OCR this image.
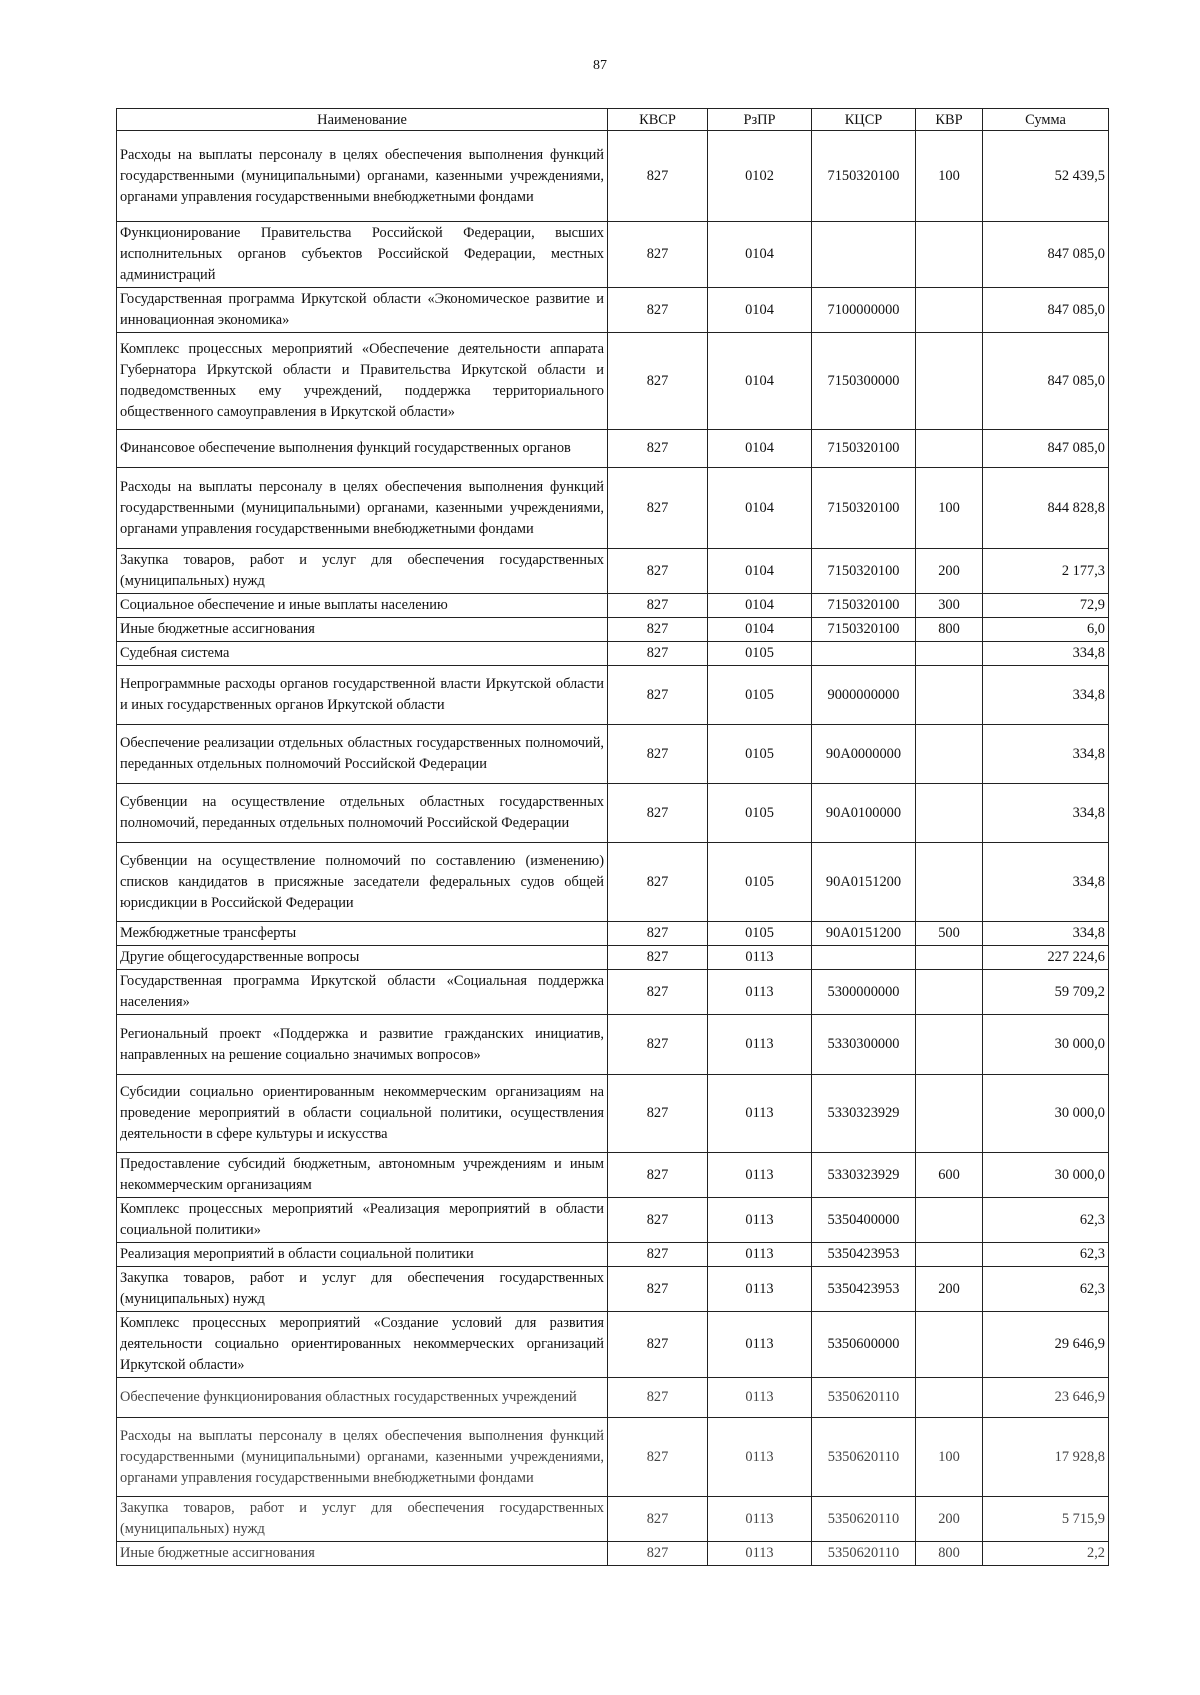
87
Наименование	КВСР	РзПР	КЦСР	КВР	Сумма
Расходы на выплаты персоналу в целях обеспечения выполнения функций государственными (муниципальными) органами, казенными учреждениями, органами управления государственными внебюджетными фондами	827	0102	7150320100	100	52 439,5
Функционирование Правительства Российской Федерации, высших исполнительных органов субъектов Российской Федерации, местных администраций	827	0104			847 085,0
Государственная программа Иркутской области «Экономическое развитие и инновационная экономика»	827	0104	7100000000		847 085,0
Комплекс процессных мероприятий «Обеспечение деятельности аппарата Губернатора Иркутской области и Правительства Иркутской области и подведомственных ему учреждений, поддержка территориального общественного самоуправления в Иркутской области»	827	0104	7150300000		847 085,0
Финансовое обеспечение выполнения функций государственных органов	827	0104	7150320100		847 085,0
Расходы на выплаты персоналу в целях обеспечения выполнения функций государственными (муниципальными) органами, казенными учреждениями, органами управления государственными внебюджетными фондами	827	0104	7150320100	100	844 828,8
Закупка товаров, работ и услуг для обеспечения государственных (муниципальных) нужд	827	0104	7150320100	200	2 177,3
Социальное обеспечение и иные выплаты населению	827	0104	7150320100	300	72,9
Иные бюджетные ассигнования	827	0104	7150320100	800	6,0
Судебная система	827	0105			334,8
Непрограммные расходы органов государственной власти Иркутской области и иных государственных органов Иркутской области	827	0105	9000000000		334,8
Обеспечение реализации отдельных областных государственных полномочий, переданных отдельных полномочий Российской Федерации	827	0105	90А0000000		334,8
Субвенции на осуществление отдельных областных государственных полномочий, переданных отдельных полномочий Российской Федерации	827	0105	90А0100000		334,8
Субвенции на осуществление полномочий по составлению (изменению) списков кандидатов в присяжные заседатели федеральных судов общей юрисдикции в Российской Федерации	827	0105	90А0151200		334,8
Межбюджетные трансферты	827	0105	90А0151200	500	334,8
Другие общегосударственные вопросы	827	0113			227 224,6
Государственная программа Иркутской области «Социальная поддержка населения»	827	0113	5300000000		59 709,2
Региональный проект «Поддержка и развитие гражданских инициатив, направленных на решение социально значимых вопросов»	827	0113	5330300000		30 000,0
Субсидии социально ориентированным некоммерческим организациям на проведение мероприятий в области социальной политики, осуществления деятельности в сфере культуры и искусства	827	0113	5330323929		30 000,0
Предоставление субсидий бюджетным, автономным учреждениям и иным некоммерческим организациям	827	0113	5330323929	600	30 000,0
Комплекс процессных мероприятий «Реализация мероприятий в области социальной политики»	827	0113	5350400000		62,3
Реализация мероприятий в области социальной политики	827	0113	5350423953		62,3
Закупка товаров, работ и услуг для обеспечения государственных (муниципальных) нужд	827	0113	5350423953	200	62,3
Комплекс процессных мероприятий «Создание условий для развития деятельности социально ориентированных некоммерческих организаций Иркутской области»	827	0113	5350600000		29 646,9
Обеспечение функционирования областных государственных учреждений	827	0113	5350620110		23 646,9
Расходы на выплаты персоналу в целях обеспечения выполнения функций государственными (муниципальными) органами, казенными учреждениями, органами управления государственными внебюджетными фондами	827	0113	5350620110	100	17 928,8
Закупка товаров, работ и услуг для обеспечения государственных (муниципальных) нужд	827	0113	5350620110	200	5 715,9
Иные бюджетные ассигнования	827	0113	5350620110	800	2,2
